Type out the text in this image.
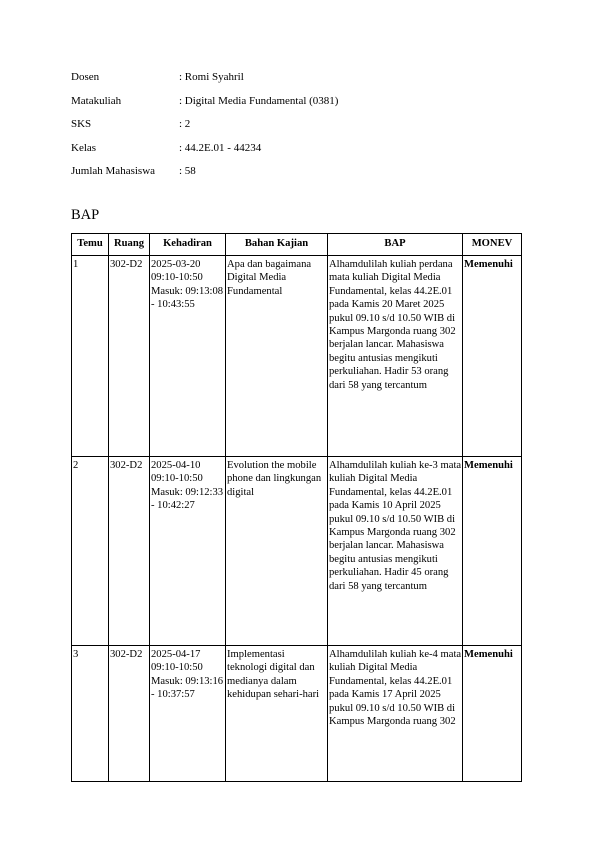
Dosen	: Romi Syahril
Matakuliah	: Digital Media Fundamental (0381)
SKS	: 2
Kelas	: 44.2E.01 - 44234
Jumlah Mahasiswa	: 58
BAP
Temu	Ruang	Kehadiran	Bahan Kajian	BAP	MONEV
1	302-D2	2025-03-20 09:10-10:50 Masuk: 09:13:08 - 10:43:55	Apa dan bagaimana Digital Media Fundamental	Alhamdulilah kuliah perdana mata kuliah Digital Media Fundamental, kelas 44.2E.01 pada Kamis 20 Maret 2025 pukul 09.10 s/d 10.50 WIB di Kampus Margonda ruang 302 berjalan lancar. Mahasiswa begitu antusias mengikuti perkuliahan. Hadir 53 orang dari 58 yang tercantum	Memenuhi
2	302-D2	2025-04-10 09:10-10:50 Masuk: 09:12:33 - 10:42:27	Evolution the mobile phone dan lingkungan digital	Alhamdulilah kuliah ke-3 mata kuliah Digital Media Fundamental, kelas 44.2E.01 pada Kamis 10 April 2025 pukul 09.10 s/d 10.50 WIB di Kampus Margonda ruang 302 berjalan lancar. Mahasiswa begitu antusias mengikuti perkuliahan. Hadir 45 orang dari 58 yang tercantum	Memenuhi
3	302-D2	2025-04-17 09:10-10:50 Masuk: 09:13:16 - 10:37:57	Implementasi teknologi digital dan medianya dalam kehidupan sehari-hari	Alhamdulilah kuliah ke-4 mata kuliah Digital Media Fundamental, kelas 44.2E.01 pada Kamis 17 April 2025 pukul 09.10 s/d 10.50 WIB di Kampus Margonda ruang 302	Memenuhi
